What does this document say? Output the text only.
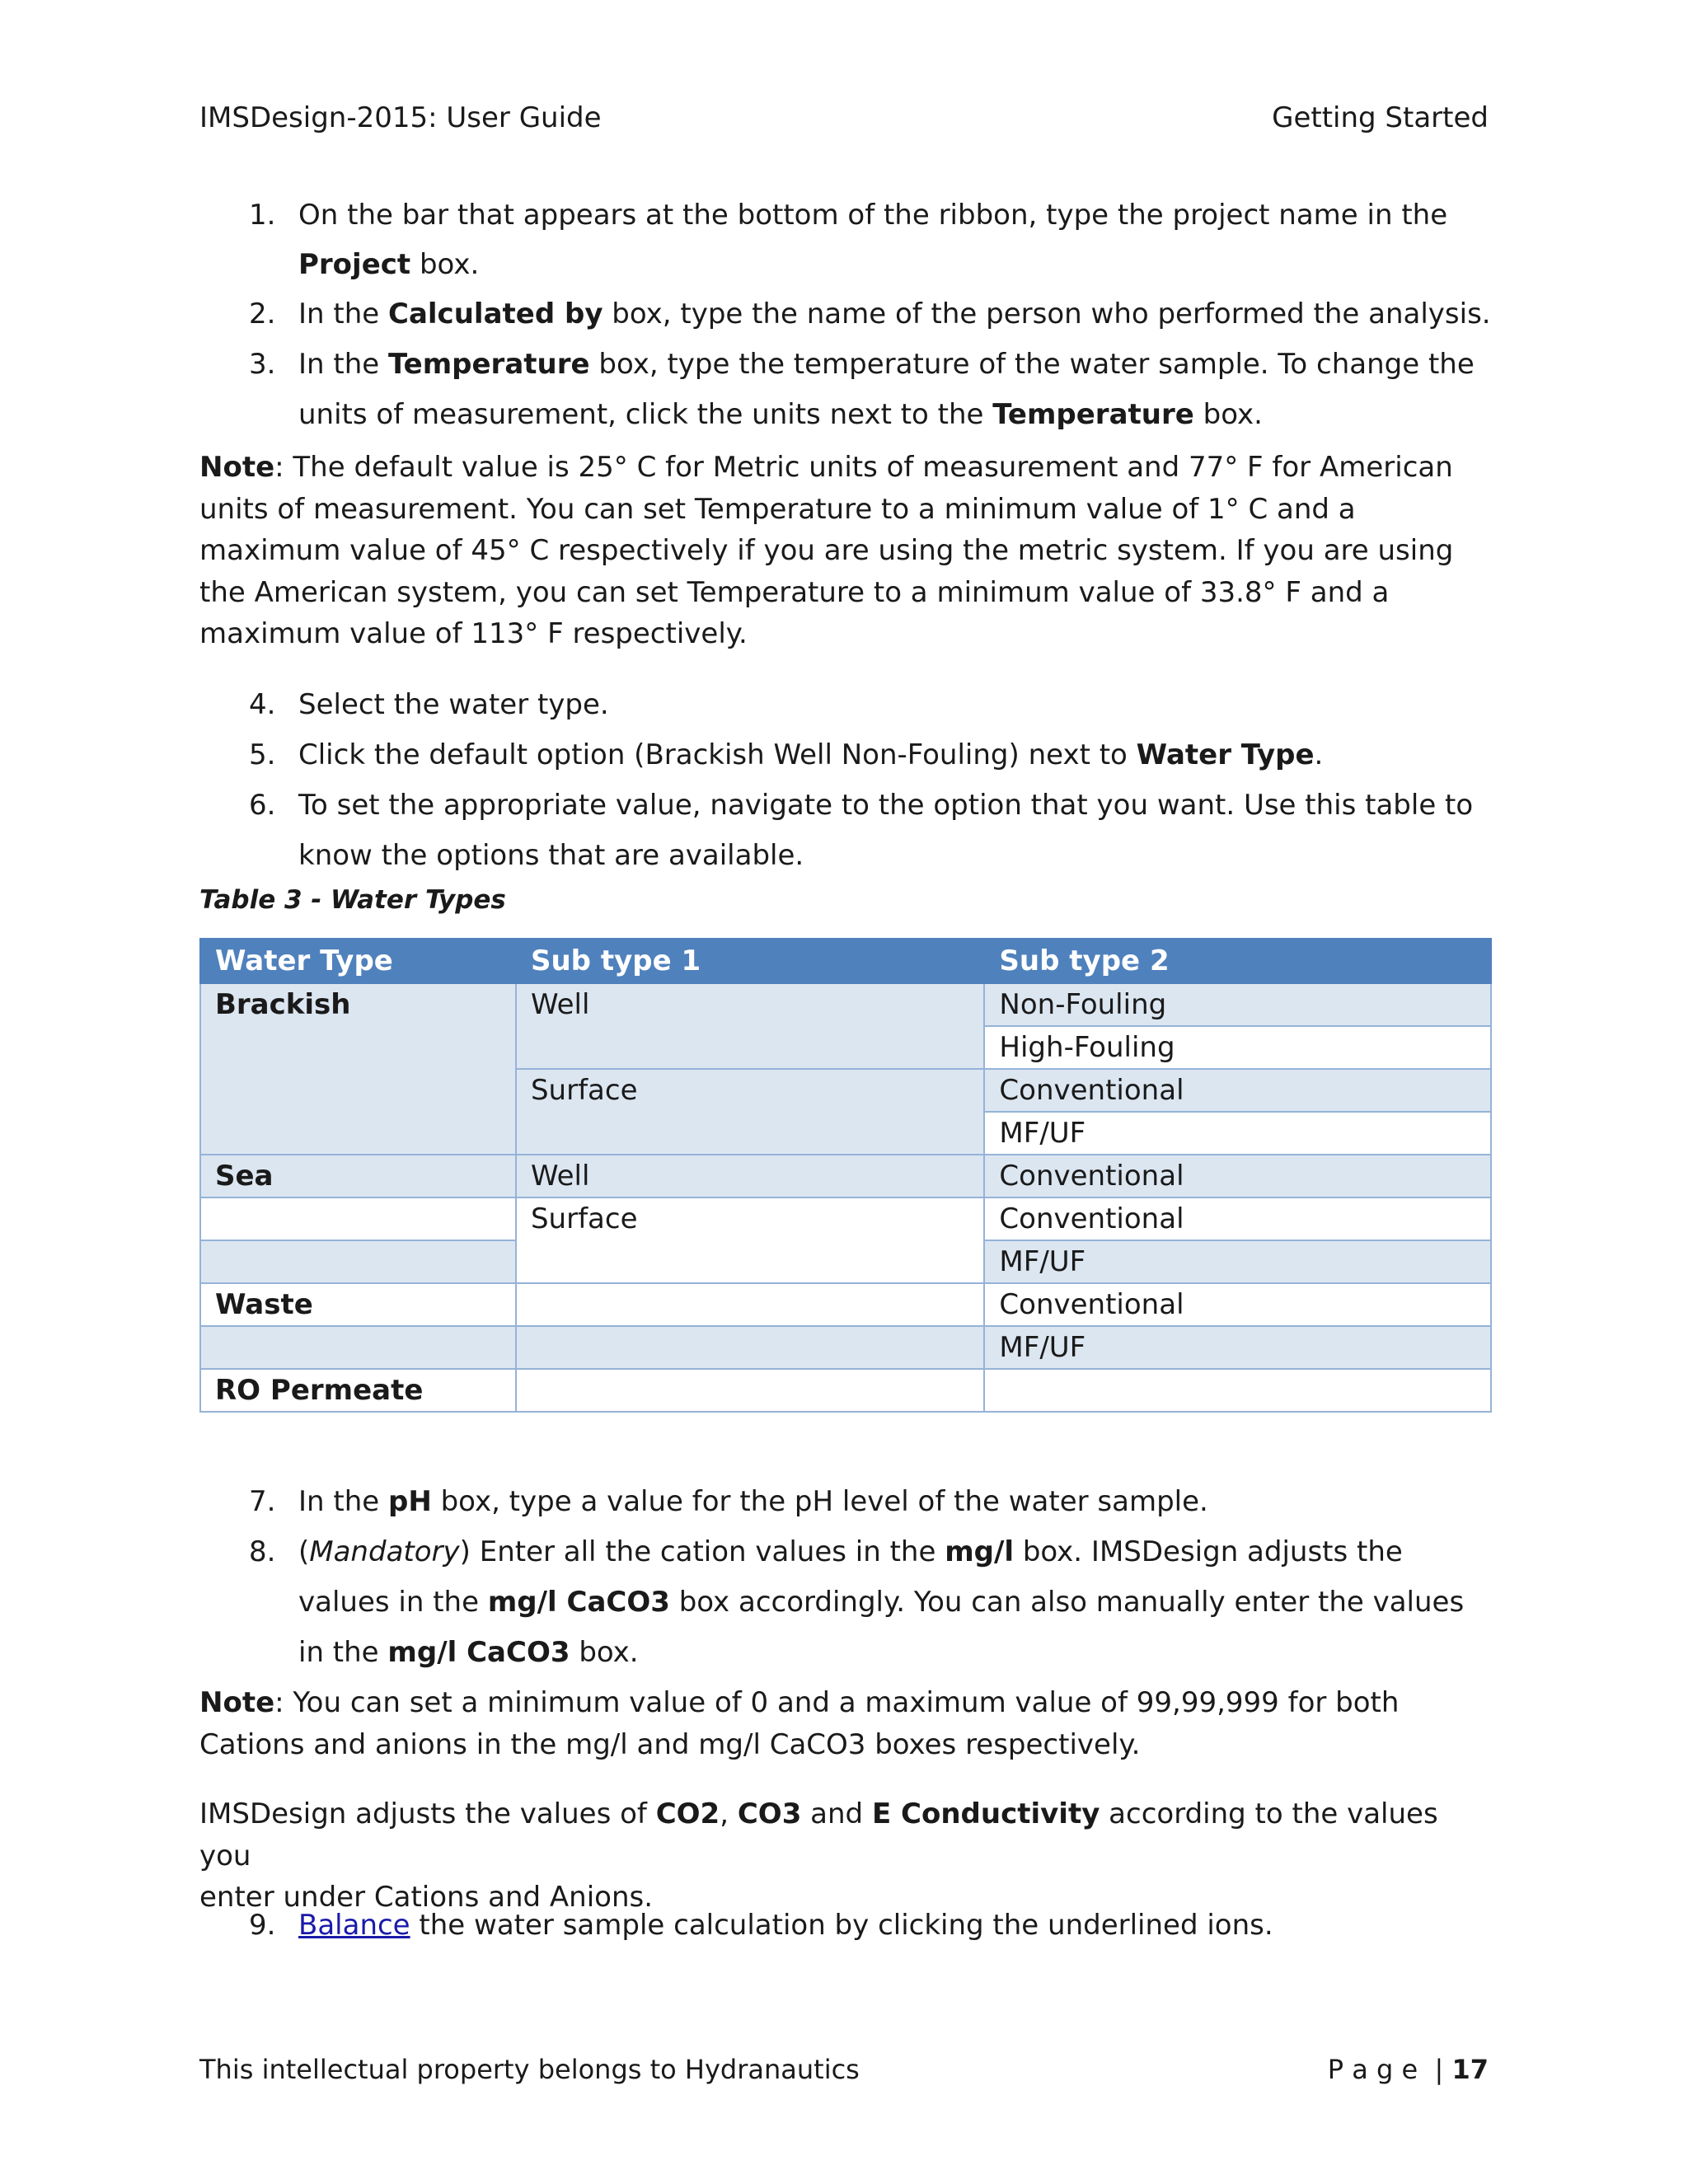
IMSDesign-2015: User Guide	Getting Started
1. On the bar that appears at the bottom of the ribbon, type the project name in the
Project box.
2. In the Calculated by box, type the name of the person who performed the analysis.
3. In the Temperature box, type the temperature of the water sample. To change the
units of measurement, click the units next to the Temperature box.
Note: The default value is 25° C for Metric units of measurement and 77° F for American
units of measurement. You can set Temperature to a minimum value of 1° C and a
maximum value of 45° C respectively if you are using the metric system. If you are using
the American system, you can set Temperature to a minimum value of 33.8° F and a
maximum value of 113° F respectively.
4. Select the water type.
5. Click the default option (Brackish Well Non-Fouling) next to Water Type.
6. To set the appropriate value, navigate to the option that you want. Use this table to
know the options that are available.
Table 3 - Water Types
Water Type	Sub type 1	Sub type 2
Brackish	Well	Non-Fouling
		High-Fouling
	Surface	Conventional
		MF/UF
Sea	Well	Conventional
	Surface	Conventional
		MF/UF
Waste		Conventional
		MF/UF
RO Permeate		
7. In the pH box, type a value for the pH level of the water sample.
8. (Mandatory) Enter all the cation values in the mg/l box. IMSDesign adjusts the
values in the mg/l CaCO3 box accordingly. You can also manually enter the values
in the mg/l CaCO3 box.
Note: You can set a minimum value of 0 and a maximum value of 99,99,999 for both
Cations and anions in the mg/l and mg/l CaCO3 boxes respectively.
IMSDesign adjusts the values of CO2, CO3 and E Conductivity according to the values you
enter under Cations and Anions.
9. Balance the water sample calculation by clicking the underlined ions.
This intellectual property belongs to Hydranautics	P a g e  | 17
